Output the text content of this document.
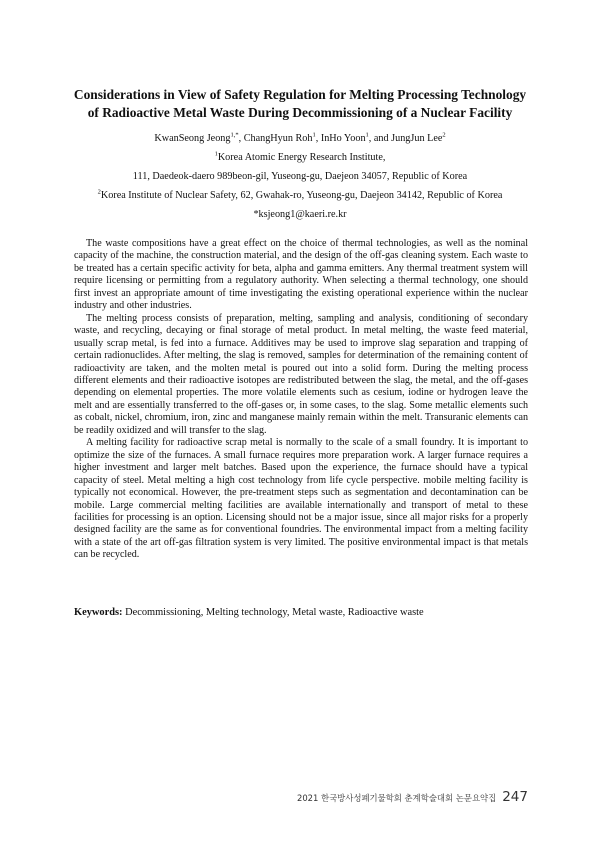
Considerations in View of Safety Regulation for Melting Processing Technology
of Radioactive Metal Waste During Decommissioning of a Nuclear Facility
KwanSeong Jeong$^{1,*}$, ChangHyun Roh$^1$, InHo Yoon$^1$, and JungJun Lee$^2$
$^1$Korea Atomic Energy Research Institute,
111, Daedeok-daero 989beon-gil, Yuseong-gu, Daejeon 34057, Republic of Korea
$^2$Korea Institute of Nuclear Safety, 62, Gwahak-ro, Yuseong-gu, Daejeon 34142, Republic of Korea
*ksjeong1@kaeri.re.kr

The waste compositions have a great effect on the choice of thermal technologies, as well as the nominal capacity of the machine, the construction material, and the design of the off-gas cleaning system. Each waste to be treated has a certain specific activity for beta, alpha and gamma emitters. Any thermal treatment system will require licensing or permitting from a regulatory authority. When selecting a thermal technology, one should first invest an appropriate amount of time investigating the existing operational experience within the nuclear industry and other industries.

The melting process consists of preparation, melting, sampling and analysis, conditioning of secondary waste, and recycling, decaying or final storage of metal product. In metal melting, the waste feed material, usually scrap metal, is fed into a furnace. Additives may be used to improve slag separation and trapping of certain radionuclides. After melting, the slag is removed, samples for determination of the remaining content of radioactivity are taken, and the molten metal is poured out into a solid form. During the melting process different elements and their radioactive isotopes are redistributed between the slag, the metal, and the off-gases depending on elemental properties. The more volatile elements such as cesium, iodine or hydrogen leave the melt and are essentially transferred to the off-gases or, in some cases, to the slag. Some metallic elements such as cobalt, nickel, chromium, iron, zinc and manganese mainly remain within the melt. Transuranic elements can be readily oxidized and will transfer to the slag.

A melting facility for radioactive scrap metal is normally to the scale of a small foundry. It is important to optimize the size of the furnaces. A small furnace requires more preparation work. A larger furnace requires a higher investment and larger melt batches. Based upon the experience, the furnace should have a typical capacity of steel. Metal melting a high cost technology from life cycle perspective. mobile melting facility is typically not economical. However, the pre-treatment steps such as segmentation and decontamination can be mobile. Large commercial melting facilities are available internationally and transport of metal to these facilities for processing is an option. Licensing should not be a major issue, since all major risks for a properly designed facility are the same as for conventional foundries. The environmental impact from a melting facility with a state of the art off-gas filtration system is very limited. The positive environmental impact is that metals can be recycled.

Keywords: Decommissioning, Melting technology, Metal waste, Radioactive waste
2021 한국방사성폐기물학회 춘계학술대회 논문요약집 247
